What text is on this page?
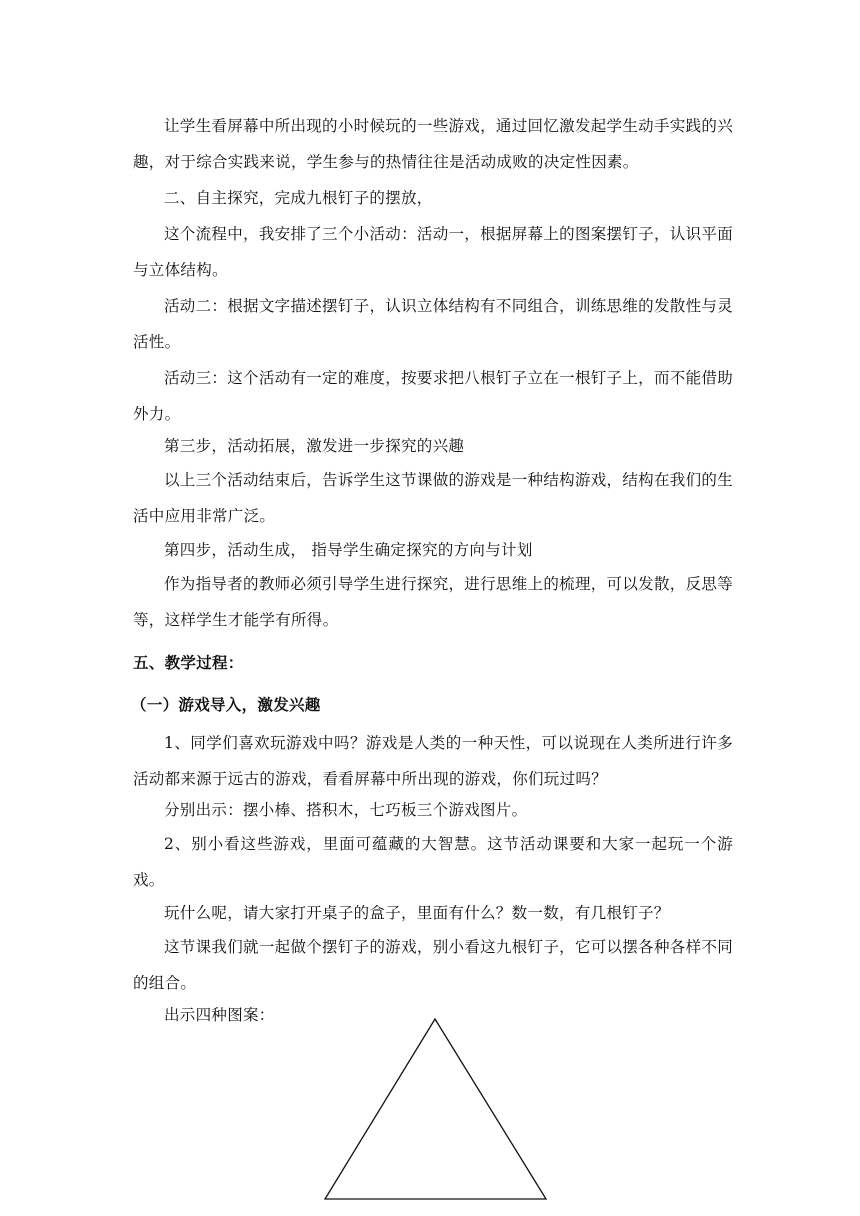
让学生看屏幕中所出现的小时候玩的一些游戏，通过回忆激发起学生动手实践的兴趣，对于综合实践来说，学生参与的热情往往是活动成败的决定性因素。

二、自主探究，完成九根钉子的摆放，

这个流程中，我安排了三个小活动：活动一，根据屏幕上的图案摆钉子，认识平面与立体结构。

活动二：根据文字描述摆钉子，认识立体结构有不同组合，训练思维的发散性与灵活性。

活动三：这个活动有一定的难度，按要求把八根钉子立在一根钉子上，而不能借助外力。

第三步，活动拓展，激发进一步探究的兴趣

以上三个活动结束后，告诉学生这节课做的游戏是一种结构游戏，结构在我们的生活中应用非常广泛。

第四步，活动生成， 指导学生确定探究的方向与计划

作为指导者的教师必须引导学生进行探究，进行思维上的梳理，可以发散，反思等等，这样学生才能学有所得。

五、教学过程：
（一）游戏导入，激发兴趣

1、同学们喜欢玩游戏中吗？游戏是人类的一种天性，可以说现在人类所进行许多活动都来源于远古的游戏，看看屏幕中所出现的游戏，你们玩过吗？

分别出示：摆小棒、搭积木，七巧板三个游戏图片。

2、别小看这些游戏，里面可蕴藏的大智慧。这节活动课要和大家一起玩一个游戏。

玩什么呢，请大家打开桌子的盒子，里面有什么？数一数，有几根钉子？

这节课我们就一起做个摆钉子的游戏，别小看这九根钉子，它可以摆各种各样不同的组合。

出示四种图案：
